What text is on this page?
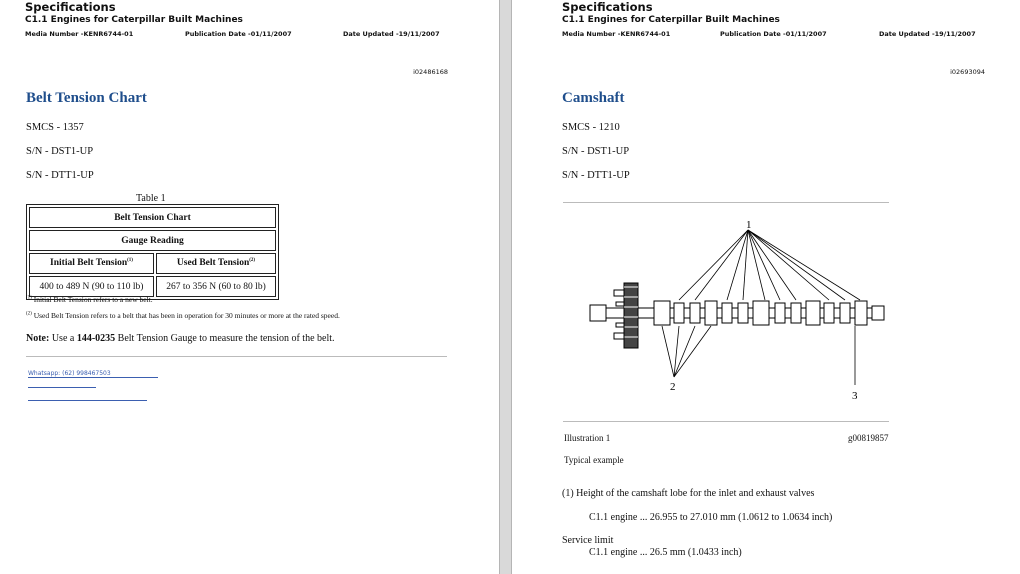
Specifications
C1.1 Engines for Caterpillar Built Machines
Media Number -KENR6744-01	Publication Date -01/11/2007	Date Updated -19/11/2007
i02486168
Belt Tension Chart
SMCS - 1357
S/N - DST1-UP
S/N - DTT1-UP
Table 1
Belt Tension Chart	
Gauge Reading	
Initial Belt Tension$^{(1)}$	Used Belt Tension$^{(2)}$
400 to 489 N (90 to 110 lb)	267 to 356 N (60 to 80 lb)
$^{(1)}$ Initial Belt Tension refers to a new belt.
$^{(2)}$ Used Belt Tension refers to a belt that has been in operation for 30 minutes or more at the rated speed.
Note: Use a 144-0235 Belt Tension Gauge to measure the tension of the belt.
Whatsapp: (62) 998467503
Specifications
C1.1 Engines for Caterpillar Built Machines
Media Number -KENR6744-01	Publication Date -01/11/2007	Date Updated -19/11/2007
i02693094
Camshaft
SMCS - 1210
S/N - DST1-UP
S/N - DTT1-UP
1
2
3
Illustration 1	g00819857
Typical example
(1) Height of the camshaft lobe for the inlet and exhaust valves
C1.1 engine ... 26.955 to 27.010 mm (1.0612 to 1.0634 inch)
Service limit
C1.1 engine ... 26.5 mm (1.0433 inch)
